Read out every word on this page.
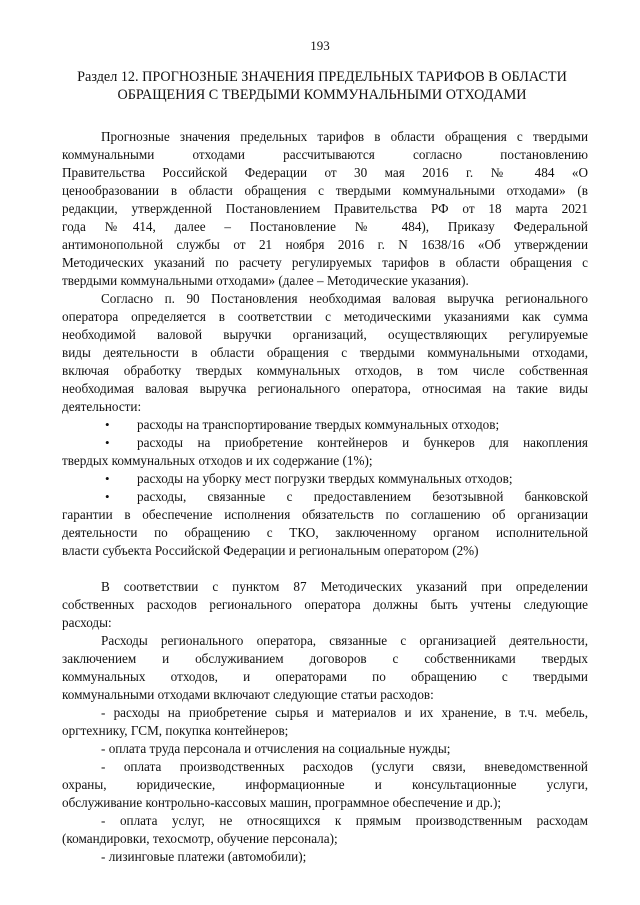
193
Раздел 12. ПРОГНОЗНЫЕ ЗНАЧЕНИЯ ПРЕДЕЛЬНЫХ ТАРИФОВ В ОБЛАСТИ
ОБРАЩЕНИЯ С ТВЕРДЫМИ КОММУНАЛЬНЫМИ ОТХОДАМИ
Прогнозные значения предельных тарифов в области обращения с твердыми
коммунальными отходами рассчитываются согласно постановлению
Правительства Российской Федерации от 30 мая 2016 г. № 484 «О
ценообразовании в области обращения с твердыми коммунальными отходами» (в
редакции, утвержденной Постановлением Правительства РФ от 18 марта 2021
года №414, далее – Постановление № 484), Приказу Федеральной
антимонопольной службы от 21 ноября 2016 г. N 1638/16 «Об утверждении
Методических указаний по расчету регулируемых тарифов в области обращения с
твердыми коммунальными отходами» (далее – Методические указания).
Согласно п. 90 Постановления необходимая валовая выручка регионального
оператора определяется в соответствии с методическими указаниями как сумма
необходимой валовой выручки организаций, осуществляющих регулируемые
виды деятельности в области обращения с твердыми коммунальными отходами,
включая обработку твердых коммунальных отходов, в том числе собственная
необходимая валовая выручка регионального оператора, относимая на такие виды
деятельности:
•	расходы на транспортирование твердых коммунальных отходов;
•	расходы на приобретение контейнеров и бункеров для накопления
твердых коммунальных отходов и их содержание (1%);
•	расходы на уборку мест погрузки твердых коммунальных отходов;
•	расходы, связанные с предоставлением безотзывной банковской
гарантии в обеспечение исполнения обязательств по соглашению об организации
деятельности по обращению с ТКО, заключенному органом исполнительной
власти субъекта Российской Федерации и региональным оператором (2%)
В соответствии с пунктом 87 Методических указаний при определении
собственных расходов регионального оператора должны быть учтены следующие
расходы:
Расходы регионального оператора, связанные с организацией деятельности,
заключением и обслуживанием договоров с собственниками твердых
коммунальных отходов, и операторами по обращению с твердыми
коммунальными отходами включают следующие статьи расходов:
- расходы на приобретение сырья и материалов и их хранение, в т.ч. мебель,
оргтехнику, ГСМ, покупка контейнеров;
- оплата труда персонала и отчисления на социальные нужды;
- оплата производственных расходов (услуги связи, вневедомственной
охраны, юридические, информационные и консультационные услуги,
обслуживание контрольно-кассовых машин, программное обеспечение и др.);
- оплата услуг, не относящихся к прямым производственным расходам
(командировки, техосмотр, обучение персонала);
- лизинговые платежи (автомобили);
